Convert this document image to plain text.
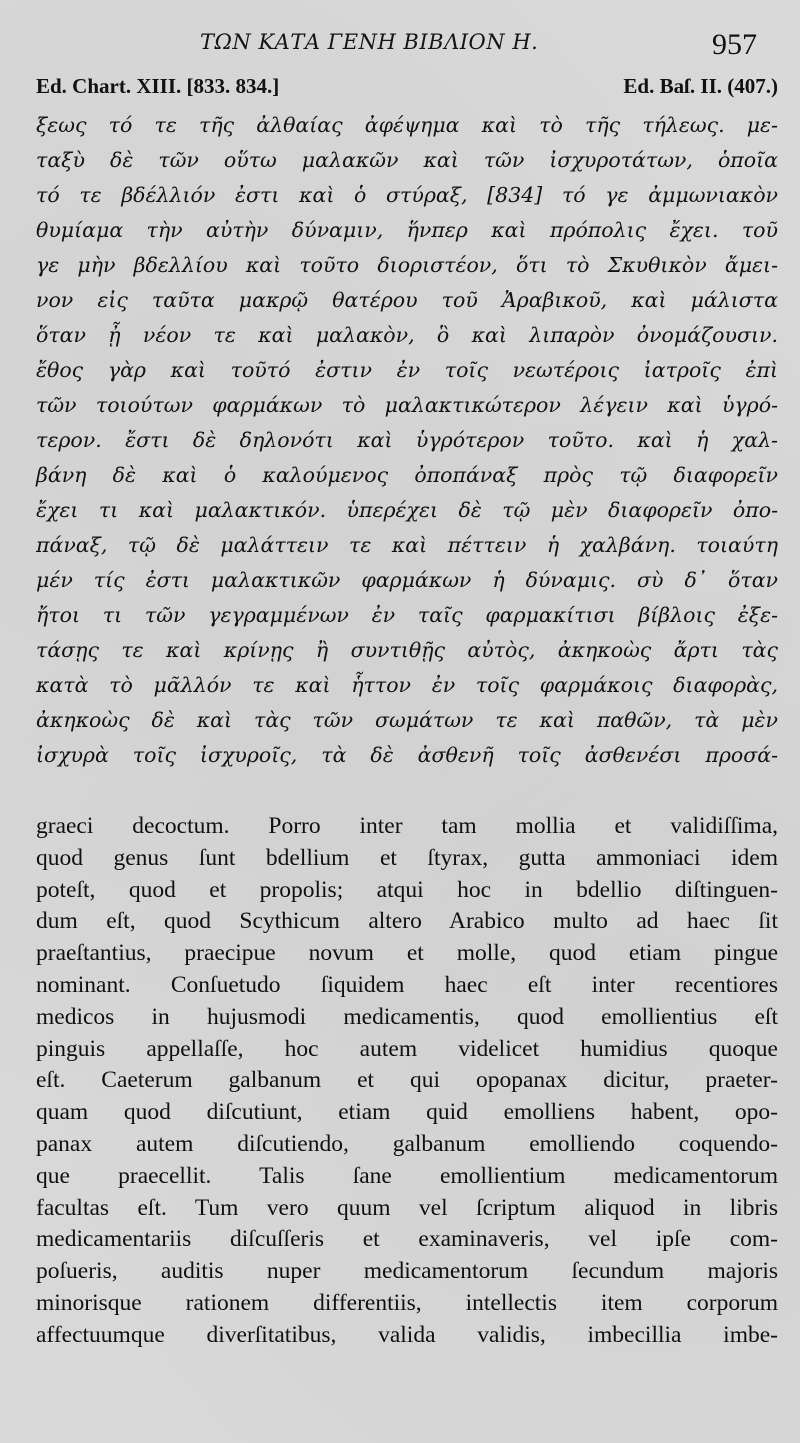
ΤΩΝ ΚΑΤΑ ΓΕΝΗ ΒΙΒΛΙΟΝ Η.	957
Ed. Chart. XIII. [833. 834.]	Ed. Baſ. II. (407.)
ξεως τό τε τῆς ἀλθαίας ἀφέψημα καὶ τὸ τῆς τήλεως. με-
ταξὺ δὲ τῶν οὕτω μαλακῶν καὶ τῶν ἰσχυροτάτων, ὁποῖα
τό τε βδέλλιόν ἐστι καὶ ὁ στύραξ, [834] τό γε ἀμμωνιακὸν
θυμίαμα τὴν αὐτὴν δύναμιν, ἥνπερ καὶ πρόπολις ἔχει. τοῦ
γε μὴν βδελλίου καὶ τοῦτο διοριστέον, ὅτι τὸ Σκυθικὸν ἄμει-
νον εἰς ταῦτα μακρῷ θατέρου τοῦ Ἀραβικοῦ, καὶ μάλιστα
ὅταν ᾖ νέον τε καὶ μαλακὸν, ὃ καὶ λιπαρὸν ὀνομάζουσιν.
ἔθος γὰρ καὶ τοῦτό ἐστιν ἐν τοῖς νεωτέροις ἰατροῖς ἐπὶ
τῶν τοιούτων φαρμάκων τὸ μαλακτικώτερον λέγειν καὶ ὑγρό-
τερον. ἔστι δὲ δηλονότι καὶ ὑγρότερον τοῦτο. καὶ ἡ χαλ-
βάνη δὲ καὶ ὁ καλούμενος ὀποπάναξ πρὸς τῷ διαφορεῖν
ἔχει τι καὶ μαλακτικόν. ὑπερέχει δὲ τῷ μὲν διαφορεῖν ὀπο-
πάναξ, τῷ δὲ μαλάττειν τε καὶ πέττειν ἡ χαλβάνη. τοιαύτη
μέν τίς ἐστι μαλακτικῶν φαρμάκων ἡ δύναμις. σὺ δ᾽ ὅταν
ἤτοι τι τῶν γεγραμμένων ἐν ταῖς φαρμακίτισι βίβλοις ἐξε-
τάσῃς τε καὶ κρίνῃς ἢ συντιθῇς αὐτὸς, ἀκηκοὼς ἄρτι τὰς
κατὰ τὸ μᾶλλόν τε καὶ ἧττον ἐν τοῖς φαρμάκοις διαφορὰς,
ἀκηκοὼς δὲ καὶ τὰς τῶν σωμάτων τε καὶ παθῶν, τὰ μὲν
ἰσχυρὰ τοῖς ἰσχυροῖς, τὰ δὲ ἀσθενῆ τοῖς ἀσθενέσι προσά-
graeci decoctum. Porro inter tam mollia et validiſſima,
quod genus ſunt bdellium et ſtyrax, gutta ammoniaci idem
poteſt, quod et propolis; atqui hoc in bdellio diſtinguen-
dum eſt, quod Scythicum altero Arabico multo ad haec ſit
praeſtantius, praecipue novum et molle, quod etiam pingue
nominant. Conſuetudo ſiquidem haec eſt inter recentiores
medicos in hujusmodi medicamentis, quod emollientius eſt
pinguis appellaſſe, hoc autem videlicet humidius quoque
eſt. Caeterum galbanum et qui opopanax dicitur, praeter-
quam quod diſcutiunt, etiam quid emolliens habent, opo-
panax autem diſcutiendo, galbanum emolliendo coquendo-
que praecellit. Talis ſane emollientium medicamentorum
facultas eſt. Tum vero quum vel ſcriptum aliquod in libris
medicamentariis diſcuſſeris et examinaveris, vel ipſe com-
poſueris, auditis nuper medicamentorum ſecundum majoris
minorisque rationem differentiis, intellectis item corporum
affectuumque diverſitatibus, valida validis, imbecillia imbe-
